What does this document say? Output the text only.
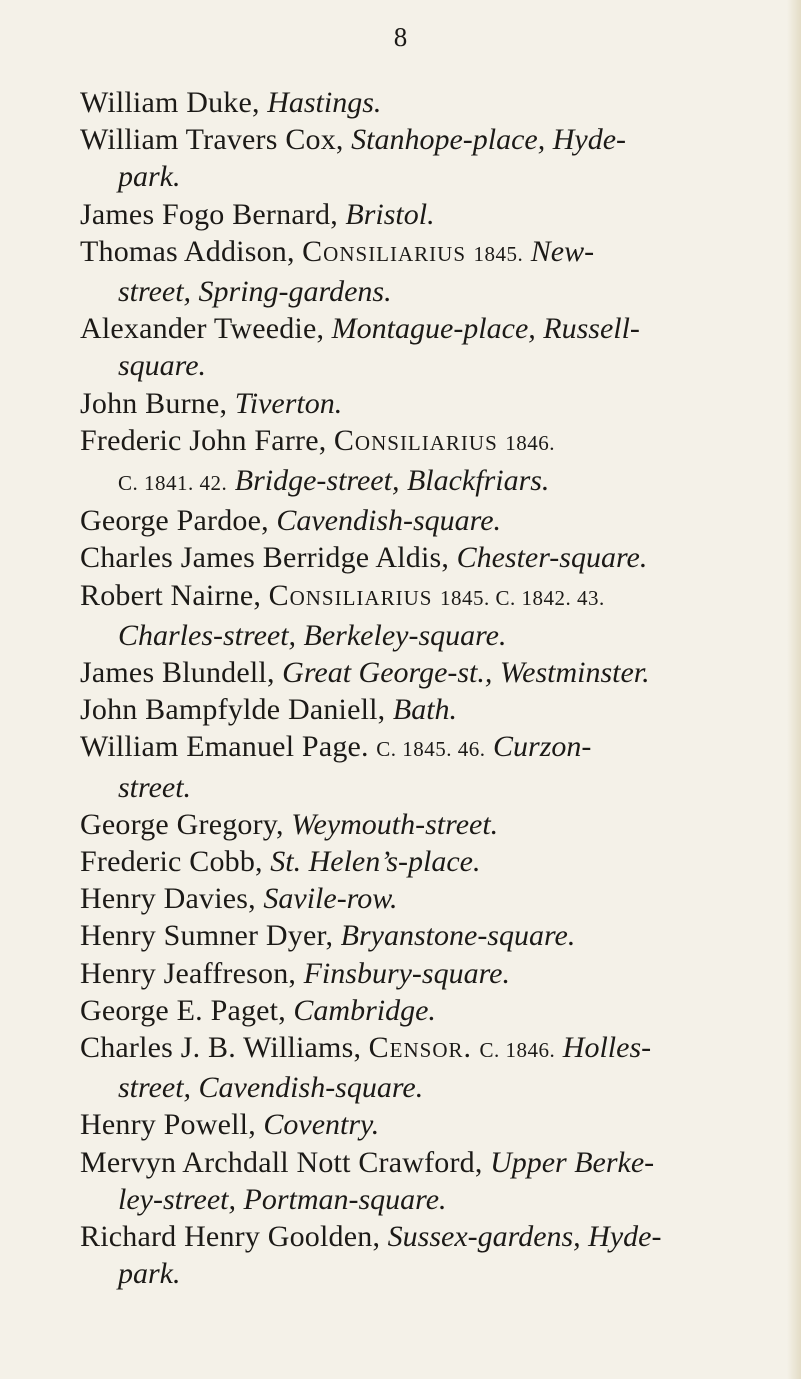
8
William Duke, Hastings.
William Travers Cox, Stanhope-place, Hyde-
park.
James Fogo Bernard, Bristol.
Thomas Addison, Consiliarius 1845. New-
street, Spring-gardens.
Alexander Tweedie, Montague-place, Russell-
square.
John Burne, Tiverton.
Frederic John Farre, Consiliarius 1846.
C. 1841. 42. Bridge-street, Blackfriars.
George Pardoe, Cavendish-square.
Charles James Berridge Aldis, Chester-square.
Robert Nairne, Consiliarius 1845. C. 1842. 43.
Charles-street, Berkeley-square.
James Blundell, Great George-st., Westminster.
John Bampfylde Daniell, Bath.
William Emanuel Page. C. 1845. 46. Curzon-
street.
George Gregory, Weymouth-street.
Frederic Cobb, St. Helen’s-place.
Henry Davies, Savile-row.
Henry Sumner Dyer, Bryanstone-square.
Henry Jeaffreson, Finsbury-square.
George E. Paget, Cambridge.
Charles J. B. Williams, Censor. C. 1846. Holles-
street, Cavendish-square.
Henry Powell, Coventry.
Mervyn Archdall Nott Crawford, Upper Berke-
ley-street, Portman-square.
Richard Henry Goolden, Sussex-gardens, Hyde-
park.
